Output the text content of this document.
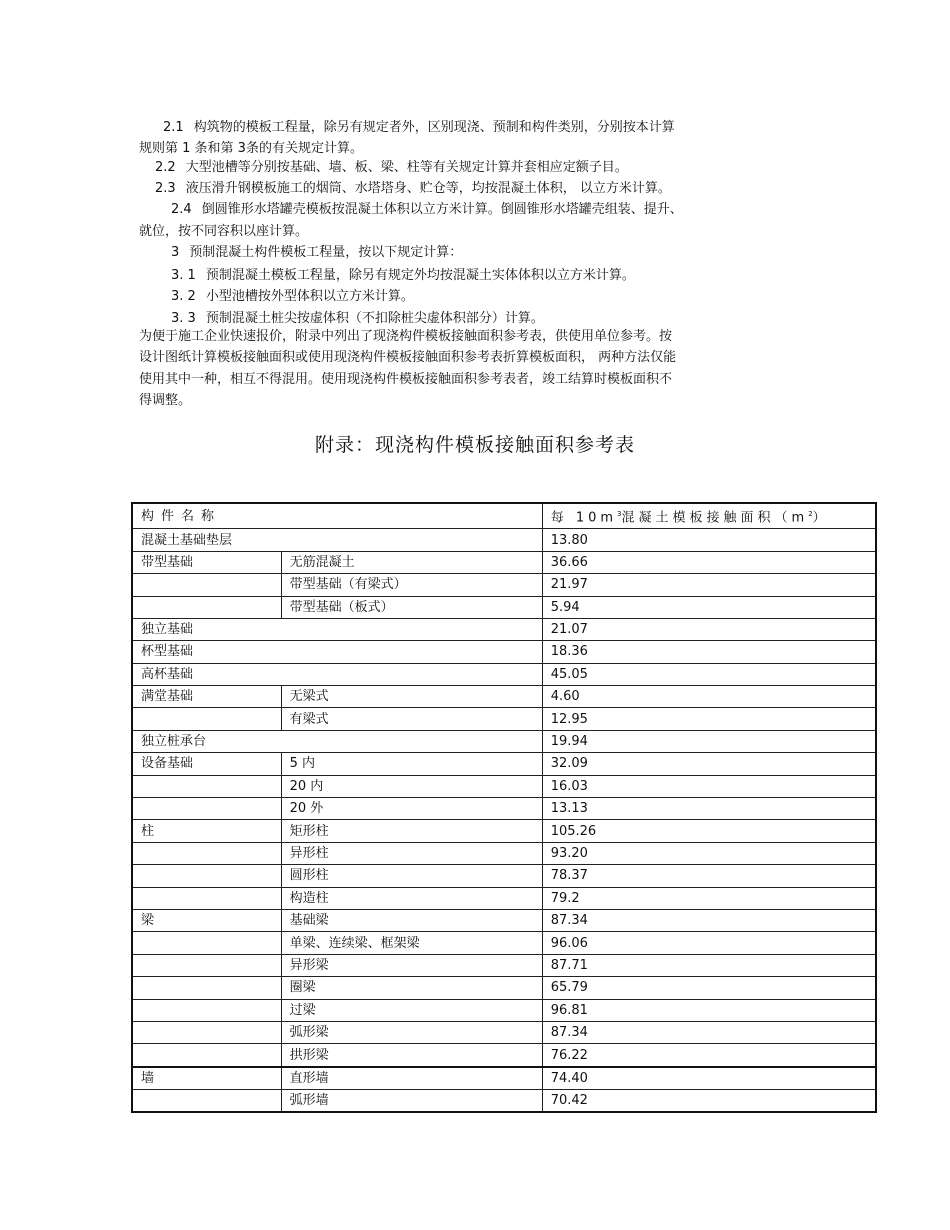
2.1 构筑物的模板工程量，除另有规定者外，区别现浇、预制和构件类别，分别按本计算
规则第 1 条和第 3条的有关规定计算。
2.2 大型池槽等分别按基础、墙、板、梁、柱等有关规定计算并套相应定额子目。
2.3 液压滑升钢模板施工的烟筒、水塔塔身、贮仓等，均按混凝土体积， 以立方米计算。
2.4 倒圆锥形水塔罐壳模板按混凝土体积以立方米计算。倒圆锥形水塔罐壳组装、提升、
就位，按不同容积以座计算。
3 预制混凝土构件模板工程量，按以下规定计算：
3. 1 预制混凝土模板工程量，除另有规定外均按混凝土实体体积以立方米计算。
3. 2 小型池槽按外型体积以立方米计算。
3. 3 预制混凝土桩尖按虚体积（不扣除桩尖虚体积部分）计算。
为便于施工企业快速报价，附录中列出了现浇构件模板接触面积参考表，供使用单位参考。按
设计图纸计算模板接触面积或使用现浇构件模板接触面积参考表折算模板面积， 两种方法仅能
使用其中一种，相互不得混用。使用现浇构件模板接触面积参考表者，竣工结算时模板面积不
得调整。
附录：现浇构件模板接触面积参考表
构件名称		每 $10m^3$混凝土模板接触面积$(m^2)$
混凝土基础垫层		13.80
带型基础	无筋混凝土	36.66
	带型基础（有梁式）	21.97
	带型基础（板式）	5.94
独立基础		21.07
杯型基础		18.36
高杯基础		45.05
满堂基础	无梁式	4.60
	有梁式	12.95
独立桩承台		19.94
设备基础	5 内	32.09
	20 内	16.03
	20 外	13.13
柱	矩形柱	105.26
	异形柱	93.20
	圆形柱	78.37
	构造柱	79.2
梁	基础梁	87.34
	单梁、连续梁、框架梁	96.06
	异形梁	87.71
	圈梁	65.79
	过梁	96.81
	弧形梁	87.34
	拱形梁	76.22
墙	直形墙	74.40
	弧形墙	70.42
